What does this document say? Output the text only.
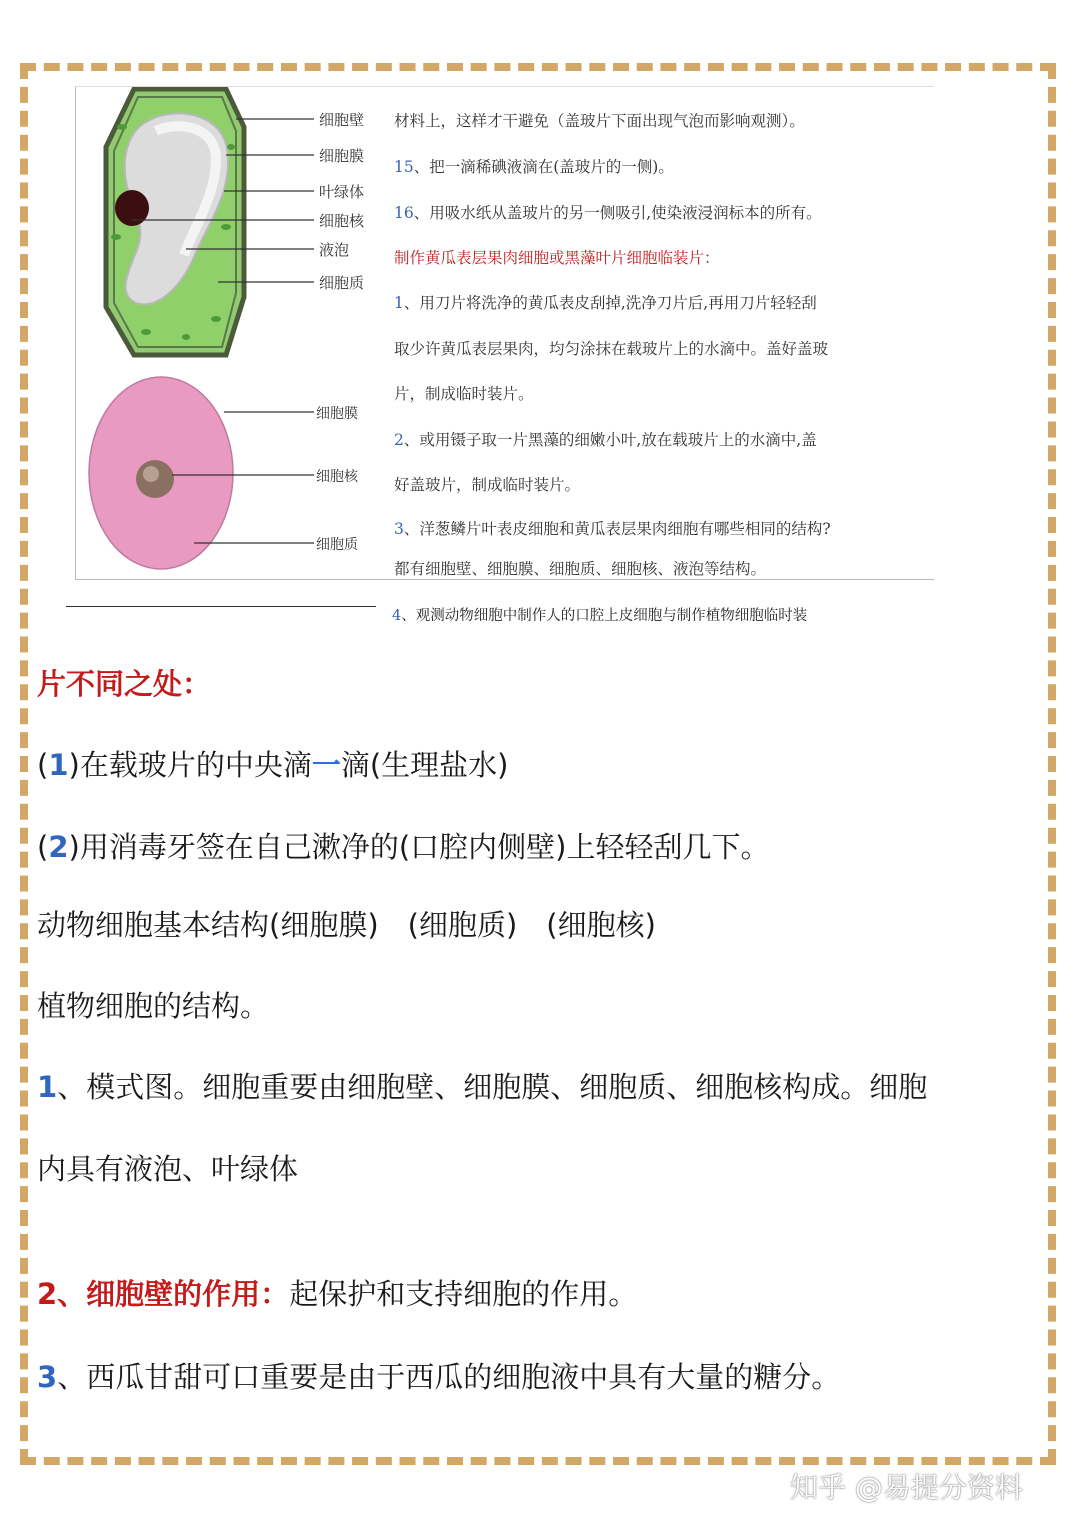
细胞壁
细胞膜
叶绿体
细胞核
液泡
细胞质
细胞膜
细胞核
细胞质
材料上，这样才干避免（盖玻片下面出现气泡而影响观测）。
15、把一滴稀碘液滴在(盖玻片的一侧)。
16、用吸水纸从盖玻片的另一侧吸引,使染液浸润标本的所有。
制作黄瓜表层果肉细胞或黑藻叶片细胞临装片：
1、用刀片将洗净的黄瓜表皮刮掉,洗净刀片后,再用刀片轻轻刮
取少许黄瓜表层果肉，均匀涂抹在载玻片上的水滴中。盖好盖玻
片，制成临时装片。
2、或用镊子取一片黑藻的细嫩小叶,放在载玻片上的水滴中,盖
好盖玻片，制成临时装片。
3、洋葱鳞片叶表皮细胞和黄瓜表层果肉细胞有哪些相同的结构?
都有细胞壁、细胞膜、细胞质、细胞核、液泡等结构。
4、观测动物细胞中制作人的口腔上皮细胞与制作植物细胞临时装
片不同之处：
(1)在载玻片的中央滴一滴(生理盐水)
(2)用消毒牙签在自己漱净的(口腔内侧壁)上轻轻刮几下。
动物细胞基本结构(细胞膜)　(细胞质)　(细胞核)
植物细胞的结构。
1、模式图。细胞重要由细胞壁、细胞膜、细胞质、细胞核构成。细胞
内具有液泡、叶绿体
2、细胞壁的作用：起保护和支持细胞的作用。
3、西瓜甘甜可口重要是由于西瓜的细胞液中具有大量的糖分。
知乎 @易提分资料
